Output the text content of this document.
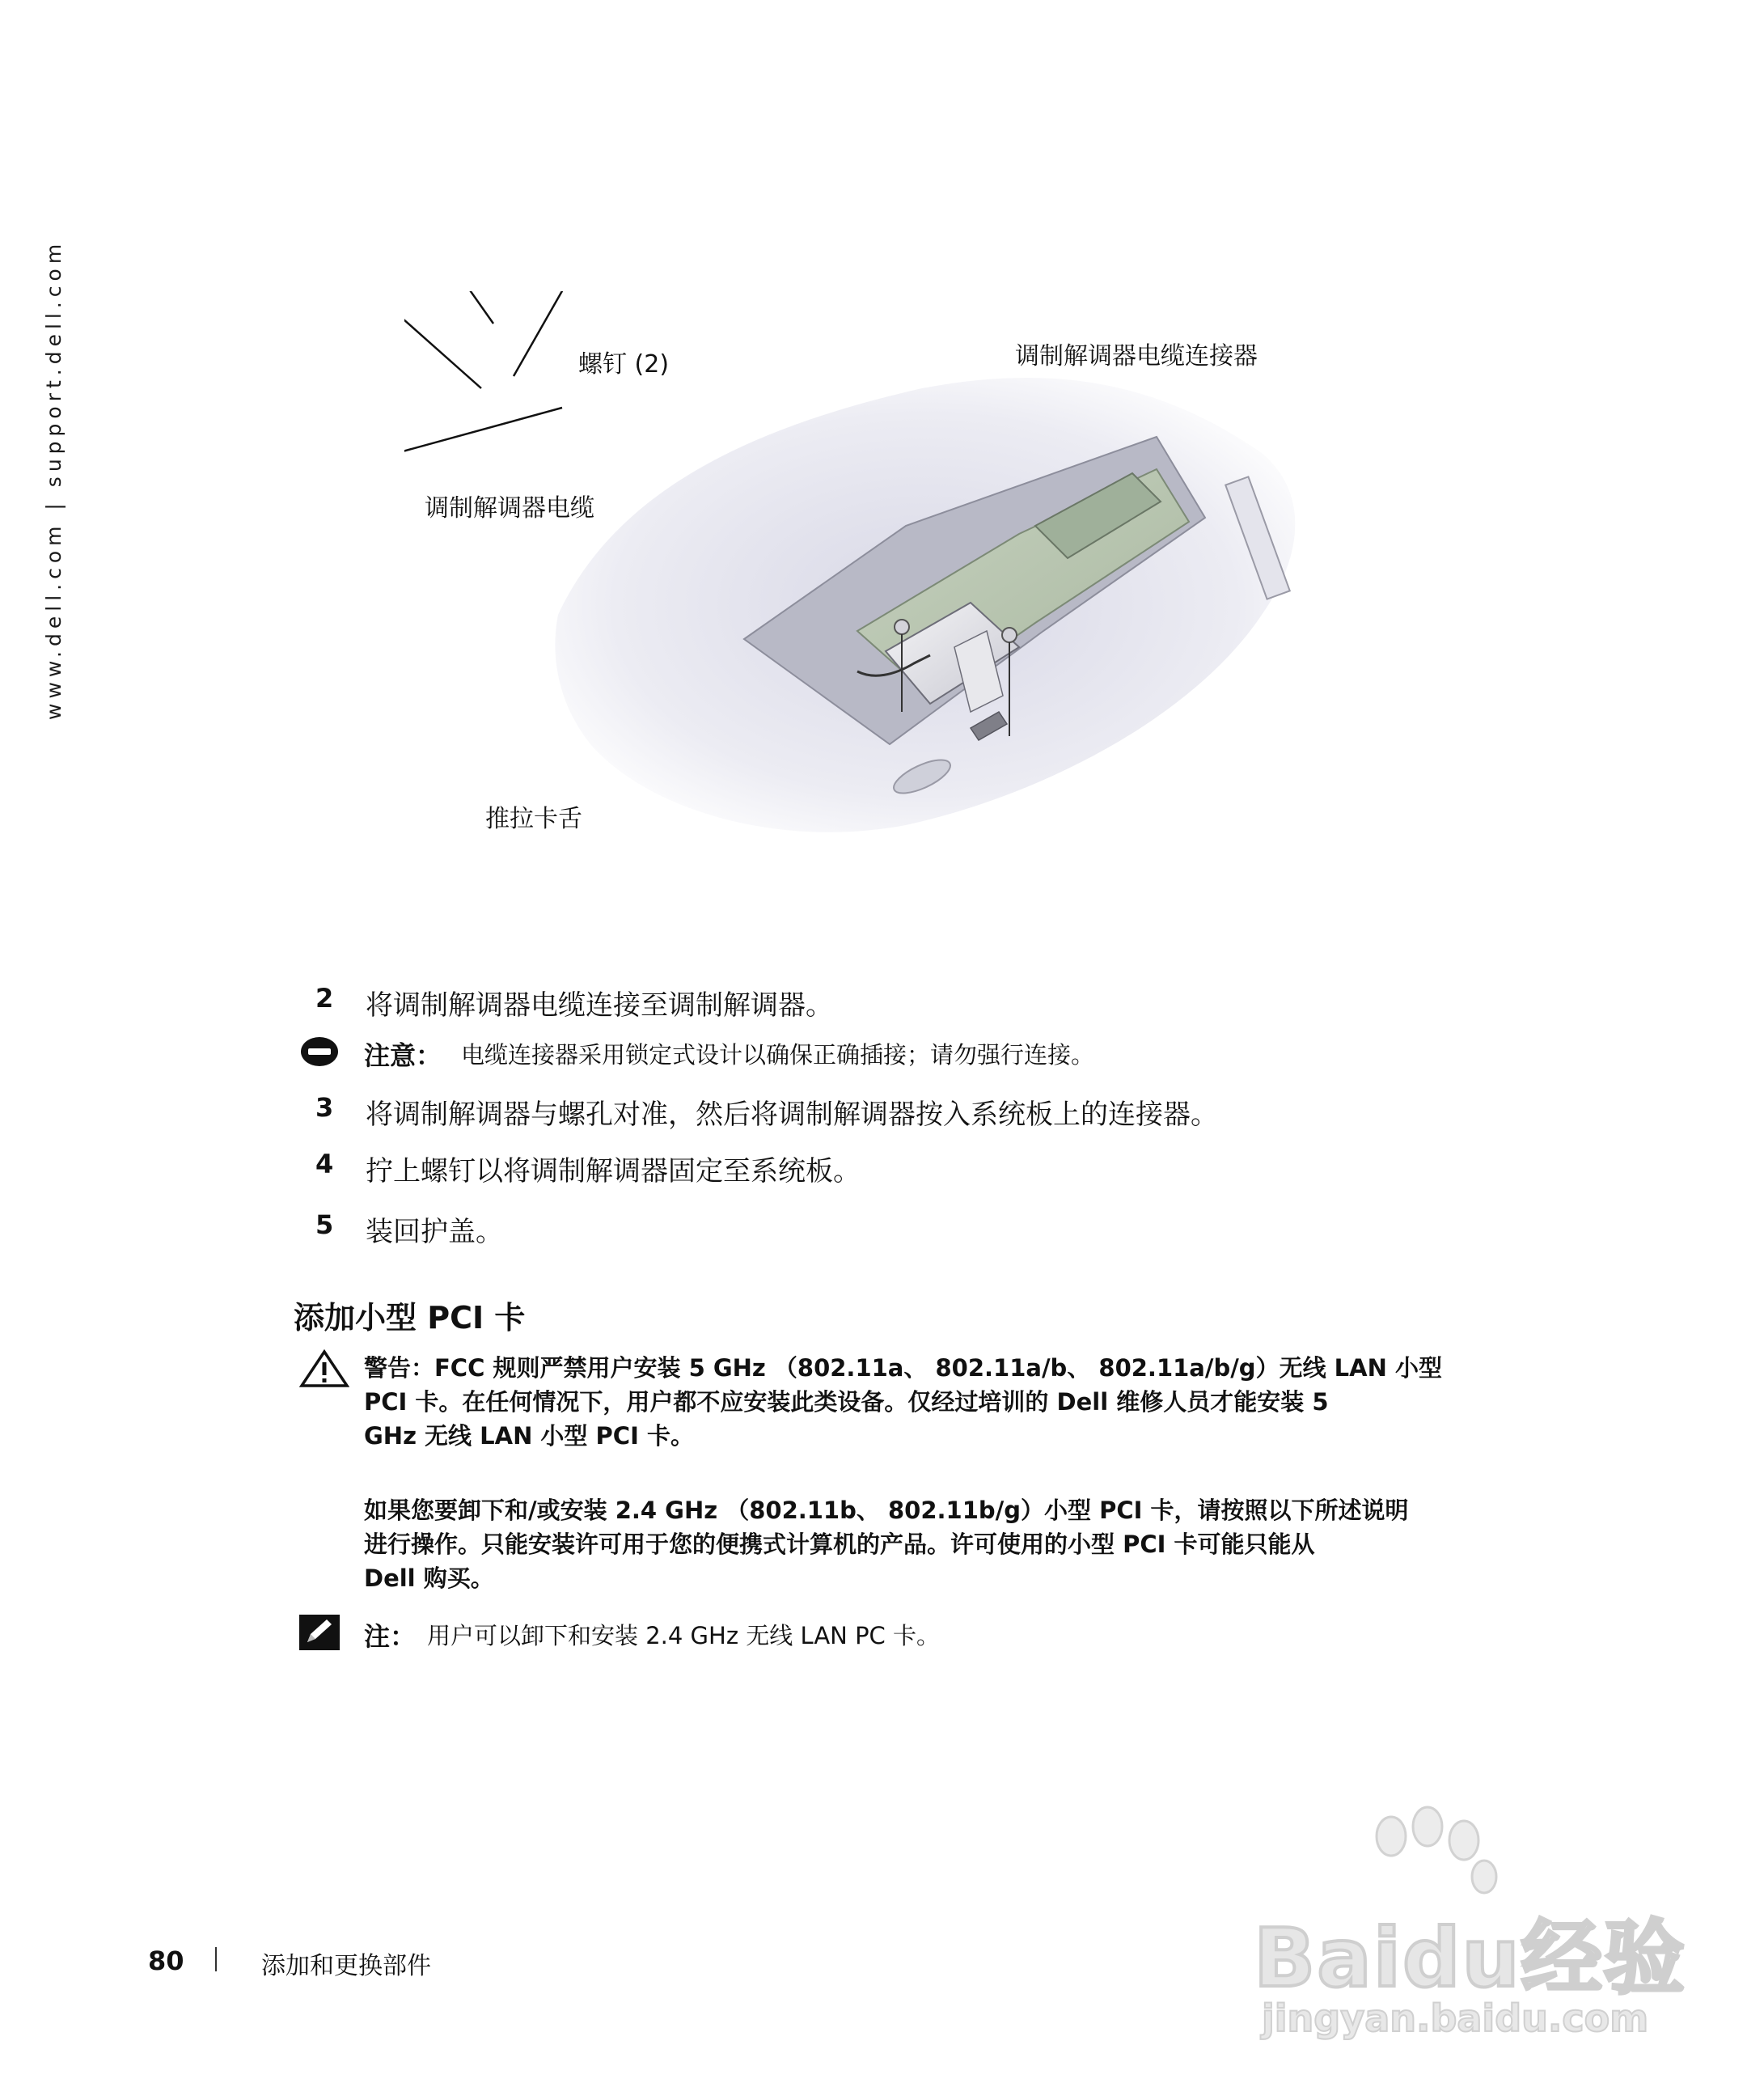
www.dell.com | support.dell.com	螺钉 (2)	调制解调器电缆连接器
调制解调器电缆
推拉卡舌
2	将调制解调器电缆连接至调制解调器。
注意： 电缆连接器采用锁定式设计以确保正确插接；请勿强行连接。
3	将调制解调器与螺孔对准，然后将调制解调器按入系统板上的连接器。
4	拧上螺钉以将调制解调器固定至系统板。
5	装回护盖。
添加小型 PCI 卡
警告：FCC 规则严禁用户安装 5 GHz （802.11a、 802.11a/b、 802.11a/b/g）无线 LAN 小型
PCI 卡。在任何情况下，用户都不应安装此类设备。仅经过培训的 Dell 维修人员才能安装 5
GHz 无线 LAN 小型 PCI 卡。
如果您要卸下和/或安装 2.4 GHz （802.11b、 802.11b/g）小型 PCI 卡，请按照以下所述说明
进行操作。只能安装许可用于您的便携式计算机的产品。许可使用的小型 PCI 卡可能只能从
Dell 购买。
注： 用户可以卸下和安装 2.4 GHz 无线 LAN PC 卡。
80	添加和更换部件	Baidu经验
jingyan.baidu.com
